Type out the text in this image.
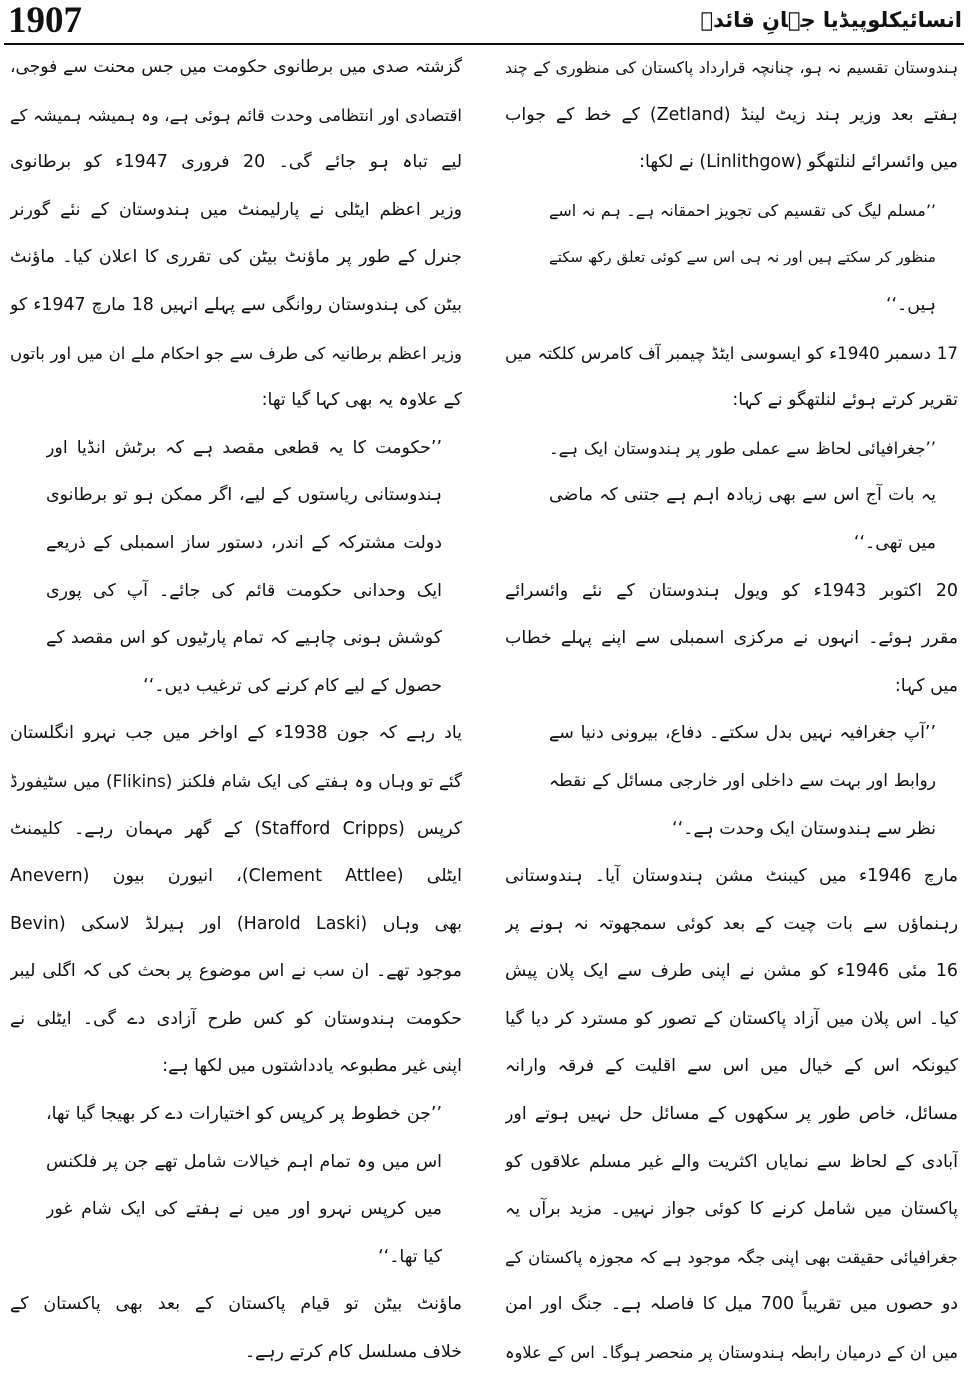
1907	انسائیکلوپیڈیا جہانِ قائدؒ
ہندوستان تقسیم نہ ہو، چنانچہ قرارداد پاکستان کی منظوری کے چند
ہفتے بعد وزیر ہند زیٹ لینڈ (Zetland) کے خط کے جواب
میں وائسرائے لنلتھگو (Linlithgow) نے لکھا:
’’مسلم لیگ کی تقسیم کی تجویز احمقانہ ہے۔ ہم نہ اسے
منظور کر سکتے ہیں اور نہ ہی اس سے کوئی تعلق رکھ سکتے
ہیں۔‘‘
17 دسمبر 1940ء کو ایسوسی ایٹڈ چیمبر آف کامرس کلکتہ میں
تقریر کرتے ہوئے لنلتھگو نے کہا:
’’جغرافیائی لحاظ سے عملی طور پر ہندوستان ایک ہے۔
یہ بات آج اس سے بھی زیادہ اہم ہے جتنی کہ ماضی
میں تھی۔‘‘
20 اکتوبر 1943ء کو ویول ہندوستان کے نئے وائسرائے
مقرر ہوئے۔ انہوں نے مرکزی اسمبلی سے اپنے پہلے خطاب
میں کہا:
’’آپ جغرافیہ نہیں بدل سکتے۔ دفاع، بیرونی دنیا سے
روابط اور بہت سے داخلی اور خارجی مسائل کے نقطہ
نظر سے ہندوستان ایک وحدت ہے۔‘‘
مارچ 1946ء میں کیبنٹ مشن ہندوستان آیا۔ ہندوستانی
رہنماؤں سے بات چیت کے بعد کوئی سمجھوتہ نہ ہونے پر
16 مئی 1946ء کو مشن نے اپنی طرف سے ایک پلان پیش
کیا۔ اس پلان میں آزاد پاکستان کے تصور کو مسترد کر دیا گیا
کیونکہ اس کے خیال میں اس سے اقلیت کے فرقہ وارانہ
مسائل، خاص طور پر سکھوں کے مسائل حل نہیں ہوتے اور
آبادی کے لحاظ سے نمایاں اکثریت والے غیر مسلم علاقوں کو
پاکستان میں شامل کرنے کا کوئی جواز نہیں۔ مزید برآں یہ
جغرافیائی حقیقت بھی اپنی جگہ موجود ہے کہ مجوزہ پاکستان کے
دو حصوں میں تقریباً 700 میل کا فاصلہ ہے۔ جنگ اور امن
میں ان کے درمیان رابطہ ہندوستان پر منحصر ہوگا۔ اس کے علاوہ
گزشتہ صدی میں برطانوی حکومت میں جس محنت سے فوجی،
اقتصادی اور انتظامی وحدت قائم ہوئی ہے، وہ ہمیشہ ہمیشہ کے
لیے تباہ ہو جائے گی۔ 20 فروری 1947ء کو برطانوی
وزیر اعظم ایٹلی نے پارلیمنٹ میں ہندوستان کے نئے گورنر
جنرل کے طور پر ماؤنٹ بیٹن کی تقرری کا اعلان کیا۔ ماؤنٹ
بیٹن کی ہندوستان روانگی سے پہلے انہیں 18 مارچ 1947ء کو
وزیر اعظم برطانیہ کی طرف سے جو احکام ملے ان میں اور باتوں
کے علاوہ یہ بھی کہا گیا تھا:
’’حکومت کا یہ قطعی مقصد ہے کہ برٹش انڈیا اور
ہندوستانی ریاستوں کے لیے، اگر ممکن ہو تو برطانوی
دولت مشترکہ کے اندر، دستور ساز اسمبلی کے ذریعے
ایک وحدانی حکومت قائم کی جائے۔ آپ کی پوری
کوشش ہونی چاہیے کہ تمام پارٹیوں کو اس مقصد کے
حصول کے لیے کام کرنے کی ترغیب دیں۔‘‘
یاد رہے کہ جون 1938ء کے اواخر میں جب نہرو انگلستان
گئے تو وہاں وہ ہفتے کی ایک شام فلکنز (Flikins) میں سٹیفورڈ
کرپس (Stafford Cripps) کے گھر مہمان رہے۔ کلیمنٹ
ایٹلی (Clement Attlee)، انیورن بیون (Anevern
Bevin) اور ہیرلڈ لاسکی (Harold Laski) بھی وہاں
موجود تھے۔ ان سب نے اس موضوع پر بحث کی کہ اگلی لیبر
حکومت ہندوستان کو کس طرح آزادی دے گی۔ ایٹلی نے
اپنی غیر مطبوعہ یادداشتوں میں لکھا ہے:
’’جن خطوط پر کرپس کو اختیارات دے کر بھیجا گیا تھا،
اس میں وہ تمام اہم خیالات شامل تھے جن پر فلکنس
میں کرپس نہرو اور میں نے ہفتے کی ایک شام غور
کیا تھا۔‘‘
ماؤنٹ بیٹن تو قیام پاکستان کے بعد بھی پاکستان کے
خلاف مسلسل کام کرتے رہے۔
